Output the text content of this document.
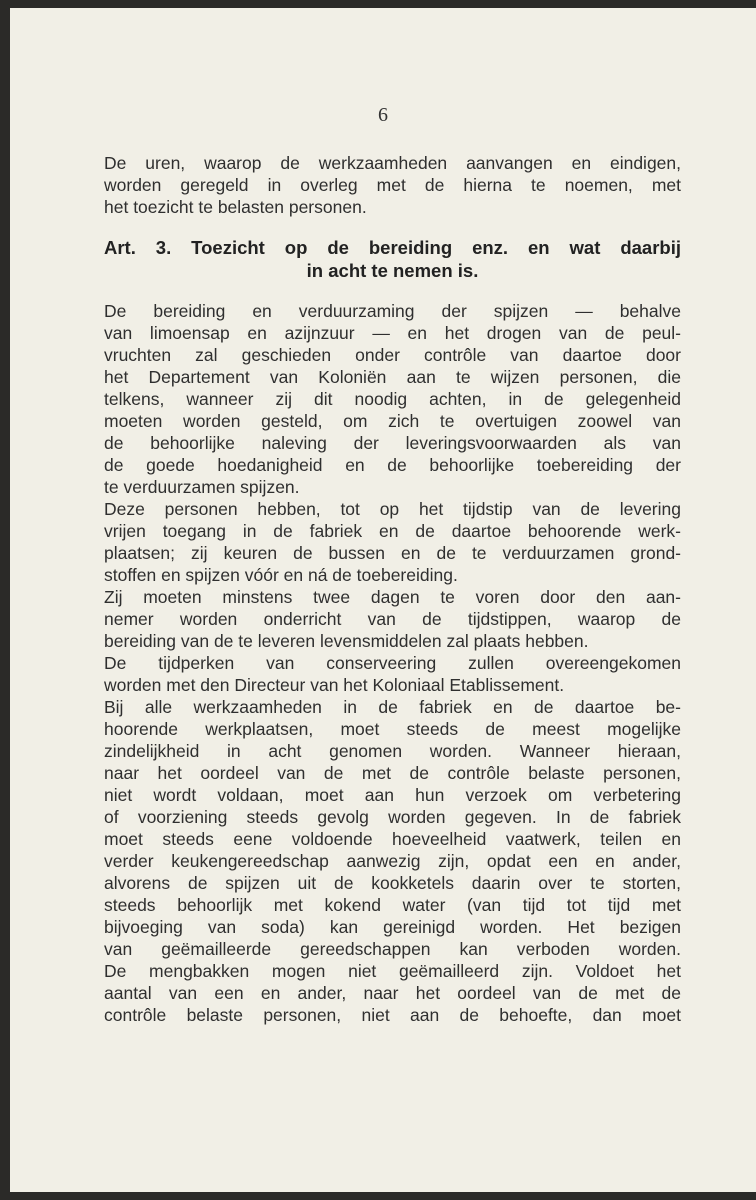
6
De uren, waarop de werkzaamheden aanvangen en eindigen,
worden geregeld in overleg met de hierna te noemen, met
het toezicht te belasten personen.
Art. 3. Toezicht op de bereiding enz. en wat daarbij
in acht te nemen is.
De bereiding en verduurzaming der spijzen — behalve
van limoensap en azijnzuur — en het drogen van de peul-
vruchten zal geschieden onder contrôle van daartoe door
het Departement van Koloniën aan te wijzen personen, die
telkens, wanneer zij dit noodig achten, in de gelegenheid
moeten worden gesteld, om zich te overtuigen zoowel van
de behoorlijke naleving der leveringsvoorwaarden als van
de goede hoedanigheid en de behoorlijke toebereiding der
te verduurzamen spijzen.
Deze personen hebben, tot op het tijdstip van de levering
vrijen toegang in de fabriek en de daartoe behoorende werk-
plaatsen; zij keuren de bussen en de te verduurzamen grond-
stoffen en spijzen vóór en ná de toebereiding.
Zij moeten minstens twee dagen te voren door den aan-
nemer worden onderricht van de tijdstippen, waarop de
bereiding van de te leveren levensmiddelen zal plaats hebben.
De tijdperken van conserveering zullen overeengekomen
worden met den Directeur van het Koloniaal Etablissement.
Bij alle werkzaamheden in de fabriek en de daartoe be-
hoorende werkplaatsen, moet steeds de meest mogelijke
zindelijkheid in acht genomen worden. Wanneer hieraan,
naar het oordeel van de met de contrôle belaste personen,
niet wordt voldaan, moet aan hun verzoek om verbetering
of voorziening steeds gevolg worden gegeven. In de fabriek
moet steeds eene voldoende hoeveelheid vaatwerk, teilen en
verder keukengereedschap aanwezig zijn, opdat een en ander,
alvorens de spijzen uit de kookketels daarin over te storten,
steeds behoorlijk met kokend water (van tijd tot tijd met
bijvoeging van soda) kan gereinigd worden. Het bezigen
van geëmailleerde gereedschappen kan verboden worden.
De mengbakken mogen niet geëmailleerd zijn. Voldoet het
aantal van een en ander, naar het oordeel van de met de
contrôle belaste personen, niet aan de behoefte, dan moet
